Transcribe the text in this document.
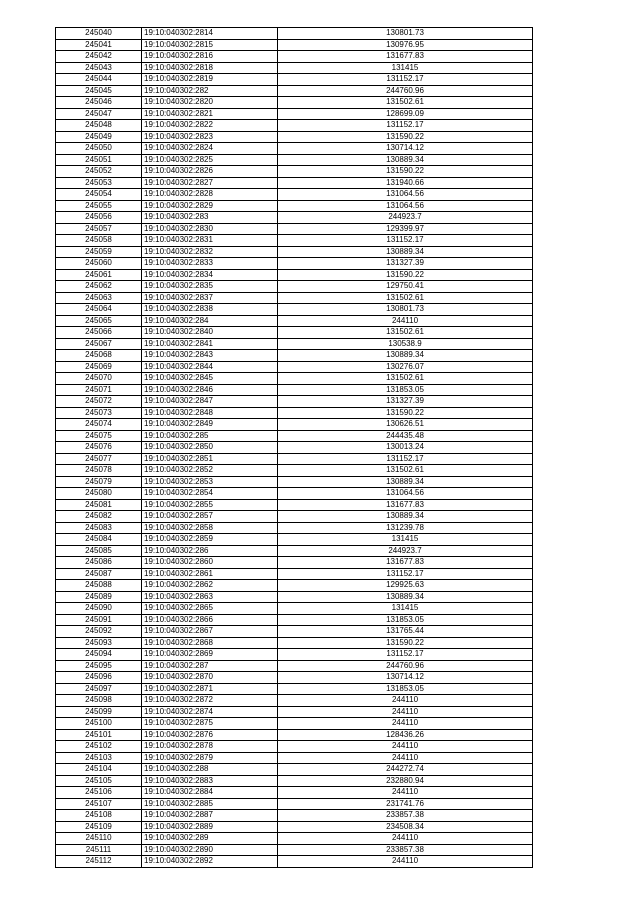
245040	19:10:040302:2814	130801.73
245041	19:10:040302:2815	130976.95
245042	19:10:040302:2816	131677.83
245043	19:10:040302:2818	131415
245044	19:10:040302:2819	131152.17
245045	19:10:040302:282	244760.96
245046	19:10:040302:2820	131502.61
245047	19:10:040302:2821	128699.09
245048	19:10:040302:2822	131152.17
245049	19:10:040302:2823	131590.22
245050	19:10:040302:2824	130714.12
245051	19:10:040302:2825	130889.34
245052	19:10:040302:2826	131590.22
245053	19:10:040302:2827	131940.66
245054	19:10:040302:2828	131064.56
245055	19:10:040302:2829	131064.56
245056	19:10:040302:283	244923.7
245057	19:10:040302:2830	129399.97
245058	19:10:040302:2831	131152.17
245059	19:10:040302:2832	130889.34
245060	19:10:040302:2833	131327.39
245061	19:10:040302:2834	131590.22
245062	19:10:040302:2835	129750.41
245063	19:10:040302:2837	131502.61
245064	19:10:040302:2838	130801.73
245065	19:10:040302:284	244110
245066	19:10:040302:2840	131502.61
245067	19:10:040302:2841	130538.9
245068	19:10:040302:2843	130889.34
245069	19:10:040302:2844	130276.07
245070	19:10:040302:2845	131502.61
245071	19:10:040302:2846	131853.05
245072	19:10:040302:2847	131327.39
245073	19:10:040302:2848	131590.22
245074	19:10:040302:2849	130626.51
245075	19:10:040302:285	244435.48
245076	19:10:040302:2850	130013.24
245077	19:10:040302:2851	131152.17
245078	19:10:040302:2852	131502.61
245079	19:10:040302:2853	130889.34
245080	19:10:040302:2854	131064.56
245081	19:10:040302:2855	131677.83
245082	19:10:040302:2857	130889.34
245083	19:10:040302:2858	131239.78
245084	19:10:040302:2859	131415
245085	19:10:040302:286	244923.7
245086	19:10:040302:2860	131677.83
245087	19:10:040302:2861	131152.17
245088	19:10:040302:2862	129925.63
245089	19:10:040302:2863	130889.34
245090	19:10:040302:2865	131415
245091	19:10:040302:2866	131853.05
245092	19:10:040302:2867	131765.44
245093	19:10:040302:2868	131590.22
245094	19:10:040302:2869	131152.17
245095	19:10:040302:287	244760.96
245096	19:10:040302:2870	130714.12
245097	19:10:040302:2871	131853.05
245098	19:10:040302:2872	244110
245099	19:10:040302:2874	244110
245100	19:10:040302:2875	244110
245101	19:10:040302:2876	128436.26
245102	19:10:040302:2878	244110
245103	19:10:040302:2879	244110
245104	19:10:040302:288	244272.74
245105	19:10:040302:2883	232880.94
245106	19:10:040302:2884	244110
245107	19:10:040302:2885	231741.76
245108	19:10:040302:2887	233857.38
245109	19:10:040302:2889	234508.34
245110	19:10:040302:289	244110
245111	19:10:040302:2890	233857.38
245112	19:10:040302:2892	244110
